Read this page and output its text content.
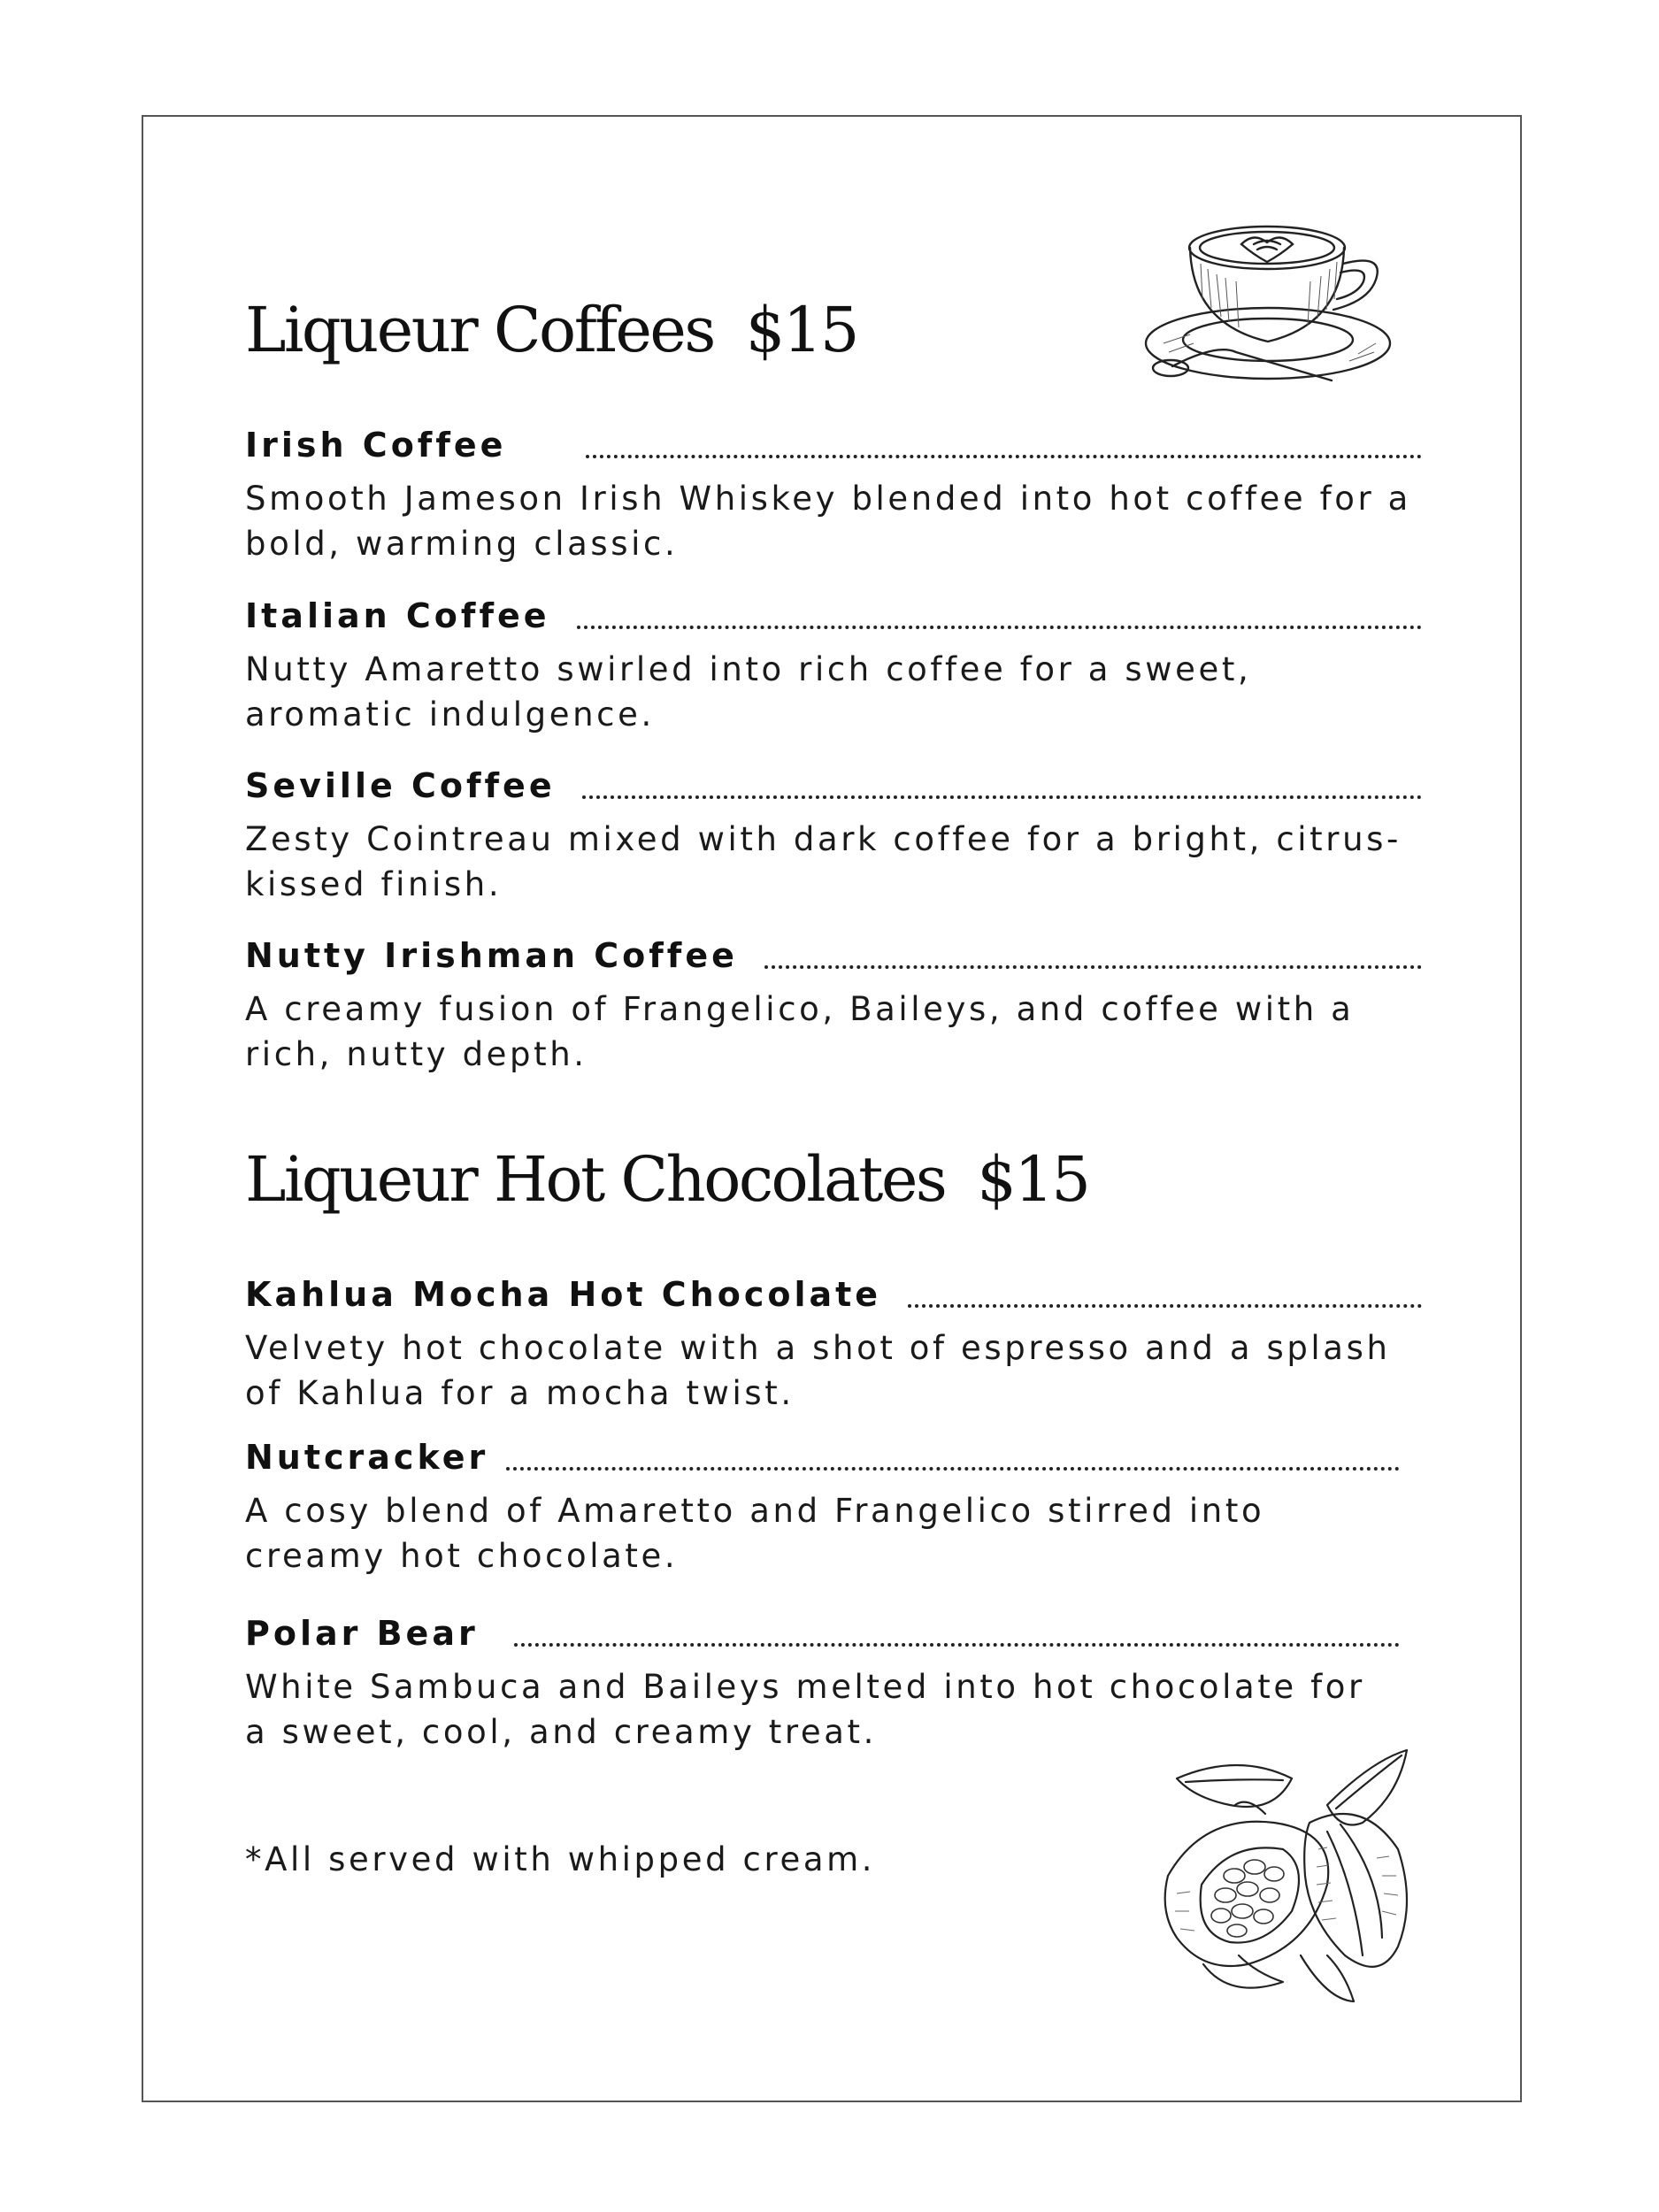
Liqueur Coffees $15
Irish Coffee

Smooth Jameson Irish Whiskey blended into hot coffee for a bold, warming classic.

Italian Coffee

Nutty Amaretto swirled into rich coffee for a sweet, aromatic indulgence.

Seville Coffee

Zesty Cointreau mixed with dark coffee for a bright, citrus-kissed finish.

Nutty Irishman Coffee

A creamy fusion of Frangelico, Baileys, and coffee with a rich, nutty depth.

Liqueur Hot Chocolates $15
Kahlua Mocha Hot Chocolate

Velvety hot chocolate with a shot of espresso and a splash of Kahlua for a mocha twist.

Nutcracker

A cosy blend of Amaretto and Frangelico stirred into creamy hot chocolate.

Polar Bear

White Sambuca and Baileys melted into hot chocolate for a sweet, cool, and creamy treat.

*All served with whipped cream.
